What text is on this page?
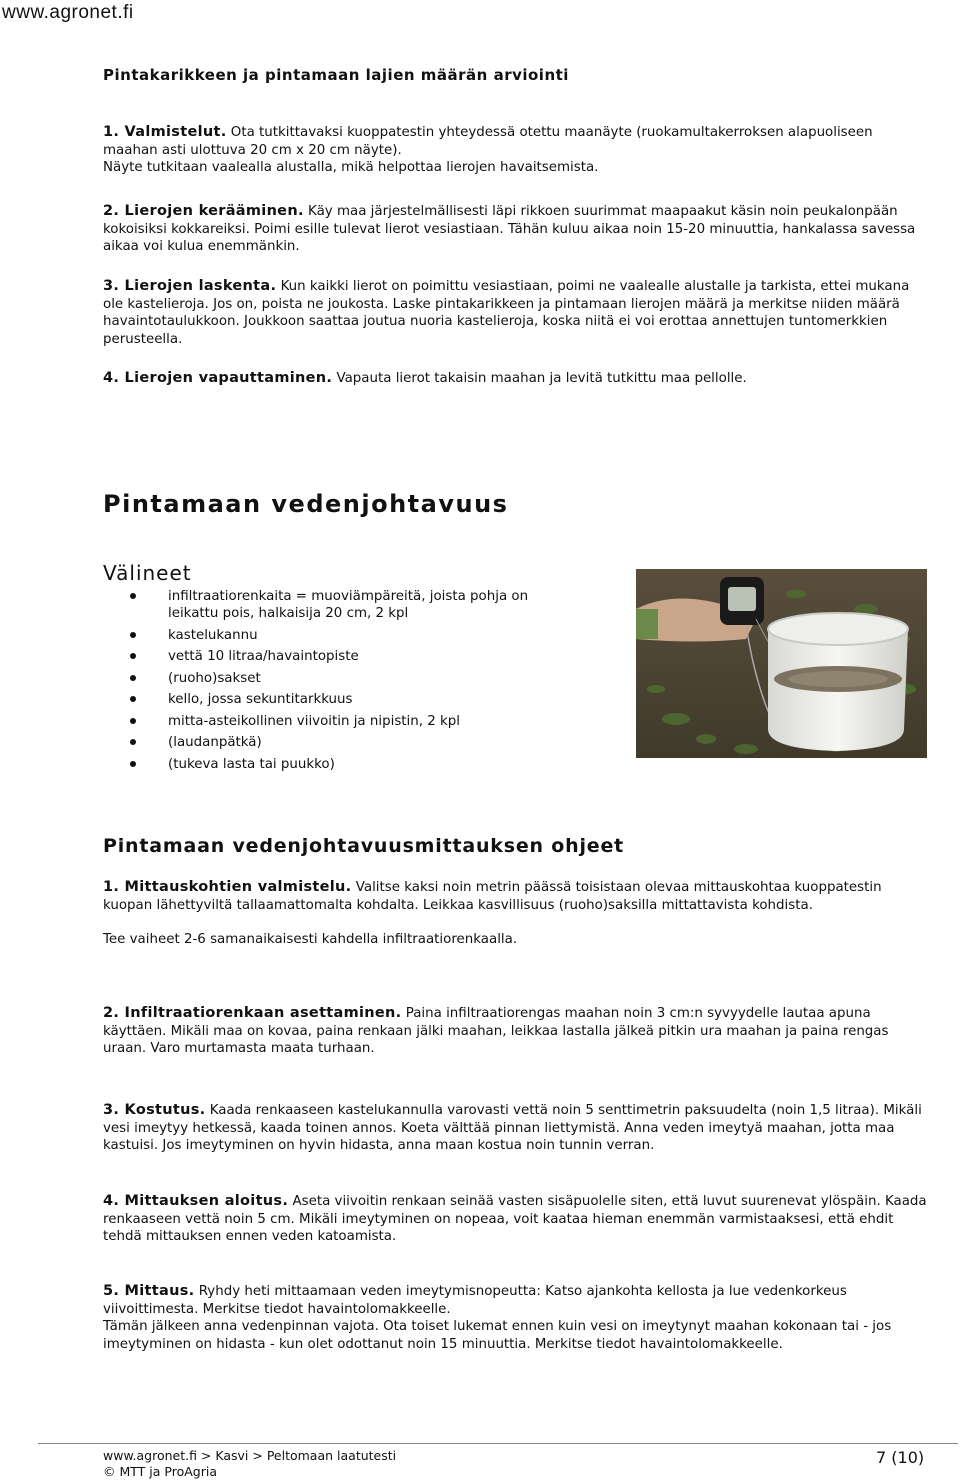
www.agronet.fi
Pintakarikkeen ja pintamaan lajien määrän arviointi

1. Valmistelut. Ota tutkittavaksi kuoppatestin yhteydessä otettu maanäyte (ruokamultakerroksen alapuoliseen maahan asti ulottuva 20 cm x 20 cm näyte).

Näyte tutkitaan vaalealla alustalla, mikä helpottaa lierojen havaitsemista.

2. Lierojen kerääminen. Käy maa järjestelmällisesti läpi rikkoen suurimmat maapaakut käsin noin peukalonpään kokoisiksi kokkareiksi. Poimi esille tulevat lierot vesiastiaan. Tähän kuluu aikaa noin 15-20 minuuttia, hankalassa savessa aikaa voi kulua enemmänkin.

3. Lierojen laskenta. Kun kaikki lierot on poimittu vesiastiaan, poimi ne vaalealle alustalle ja tarkista, ettei mukana ole kastelieroja. Jos on, poista ne joukosta. Laske pintakarikkeen ja pintamaan lierojen määrä ja merkitse niiden määrä havaintotaulukkoon. Joukkoon saattaa joutua nuoria kastelieroja, koska niitä ei voi erottaa annettujen tuntomerkkien perusteella.

4. Lierojen vapauttaminen. Vapauta lierot takaisin maahan ja levitä tutkittu maa pellolle.

Pintamaan vedenjohtavuus
Välineet
infiltraatiorenkaita = muoviämpäreitä, joista pohja on leikattu pois, halkaisija 20 cm, 2 kpl
kastelukannu
vettä 10 litraa/havaintopiste
(ruoho)sakset
kello, jossa sekuntitarkkuus
mitta-asteikollinen viivoitin ja nipistin, 2 kpl
(laudanpätkä)
(tukeva lasta tai puukko)
Pintamaan vedenjohtavuusmittauksen ohjeet

1. Mittauskohtien valmistelu. Valitse kaksi noin metrin päässä toisistaan olevaa mittauskohtaa kuoppatestin kuopan lähettyviltä tallaamattomalta kohdalta. Leikkaa kasvillisuus (ruoho)saksilla mittattavista kohdista.

Tee vaiheet 2-6 samanaikaisesti kahdella infiltraatiorenkaalla.

2. Infiltraatiorenkaan asettaminen. Paina infiltraatiorengas maahan noin 3 cm:n syvyydelle lautaa apuna käyttäen. Mikäli maa on kovaa, paina renkaan jälki maahan, leikkaa lastalla jälkeä pitkin ura maahan ja paina rengas uraan. Varo murtamasta maata turhaan.

3. Kostutus. Kaada renkaaseen kastelukannulla varovasti vettä noin 5 senttimetrin paksuudelta (noin 1,5 litraa). Mikäli vesi imeytyy hetkessä, kaada toinen annos. Koeta välttää pinnan liettymistä. Anna veden imeytyä maahan, jotta maa kastuisi. Jos imeytyminen on hyvin hidasta, anna maan kostua noin tunnin verran.

4. Mittauksen aloitus. Aseta viivoitin renkaan seinää vasten sisäpuolelle siten, että luvut suurenevat ylöspäin. Kaada renkaaseen vettä noin 5 cm. Mikäli imeytyminen on nopeaa, voit kaataa hieman enemmän varmistaaksesi, että ehdit tehdä mittauksen ennen veden katoamista.

5. Mittaus. Ryhdy heti mittaamaan veden imeytymisnopeutta: Katso ajankohta kellosta ja lue vedenkorkeus viivoittimesta. Merkitse tiedot havaintolomakkeelle.

Tämän jälkeen anna vedenpinnan vajota. Ota toiset lukemat ennen kuin vesi on imeytynyt maahan kokonaan tai - jos imeytyminen on hidasta - kun olet odottanut noin 15 minuuttia. Merkitse tiedot havaintolomakkeelle.

www.agronet.fi > Kasvi > Peltomaan laatutesti
© MTT ja ProAgria
7 (10)
